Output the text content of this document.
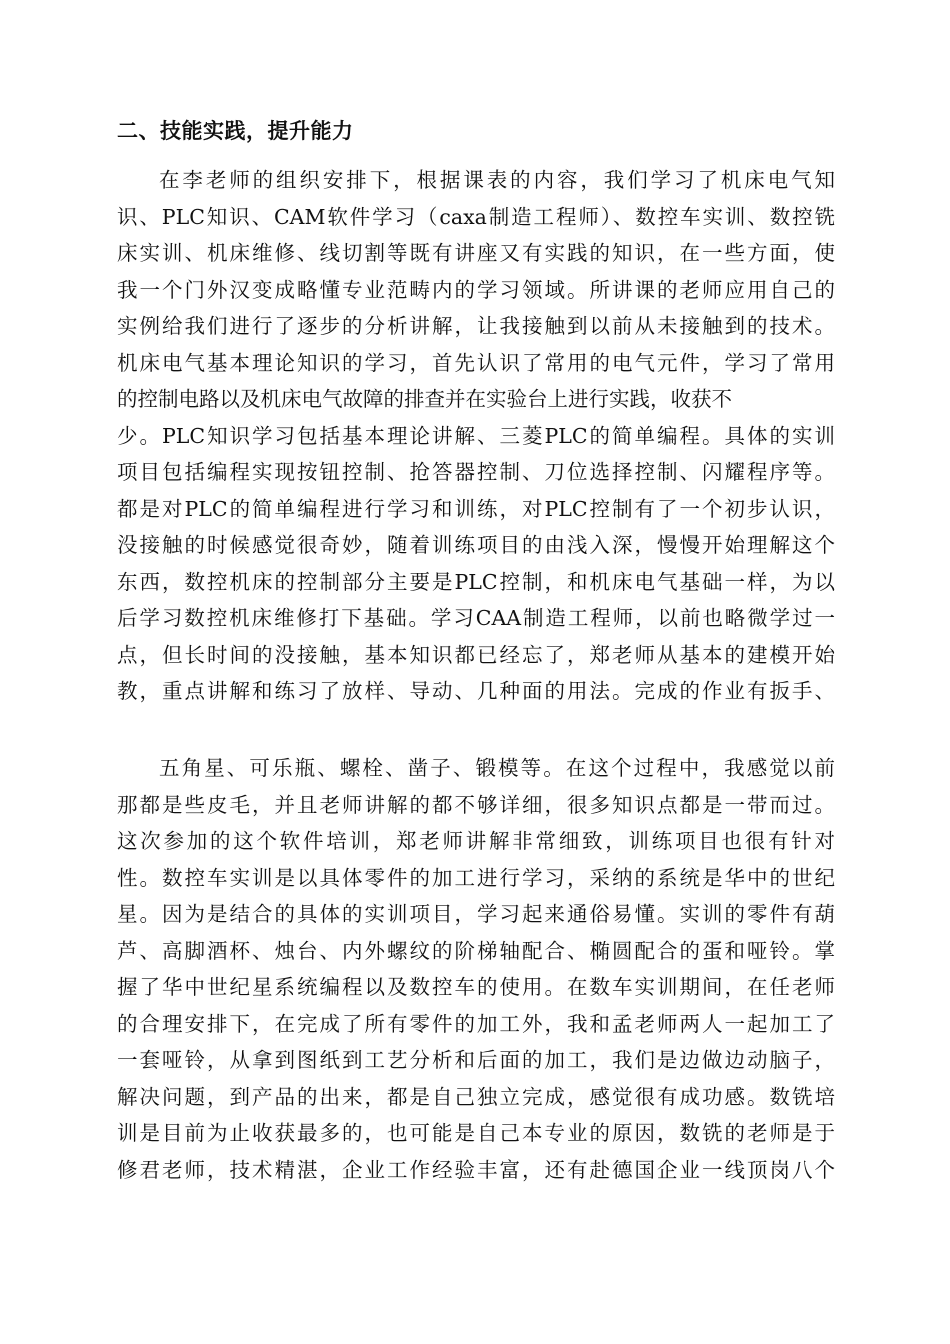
二、技能实践，提升能力
在李老师的组织安排下，根据课表的内容，我们学习了机床电气知
识、PLC知识、CAM软件学习（caxa制造工程师）、数控车实训、数控铣
床实训、机床维修、线切割等既有讲座又有实践的知识，在一些方面，使
我一个门外汉变成略懂专业范畴内的学习领域。所讲课的老师应用自己的
实例给我们进行了逐步的分析讲解，让我接触到以前从未接触到的技术。
机床电气基本理论知识的学习，首先认识了常用的电气元件，学习了常用
的控制电路以及机床电气故障的排查并在实验台上进行实践，收获不
少。PLC知识学习包括基本理论讲解、三菱PLC的简单编程。具体的实训
项目包括编程实现按钮控制、抢答器控制、刀位选择控制、闪耀程序等。
都是对PLC的简单编程进行学习和训练，对PLC控制有了一个初步认识，
没接触的时候感觉很奇妙，随着训练项目的由浅入深，慢慢开始理解这个
东西，数控机床的控制部分主要是PLC控制，和机床电气基础一样，为以
后学习数控机床维修打下基础。学习CAA制造工程师，以前也略微学过一
点，但长时间的没接触，基本知识都已经忘了，郑老师从基本的建模开始
教，重点讲解和练习了放样、导动、几种面的用法。完成的作业有扳手、
五角星、可乐瓶、螺栓、凿子、锻模等。在这个过程中，我感觉以前
那都是些皮毛，并且老师讲解的都不够详细，很多知识点都是一带而过。
这次参加的这个软件培训，郑老师讲解非常细致，训练项目也很有针对
性。数控车实训是以具体零件的加工进行学习，采纳的系统是华中的世纪
星。因为是结合的具体的实训项目，学习起来通俗易懂。实训的零件有葫
芦、高脚酒杯、烛台、内外螺纹的阶梯轴配合、椭圆配合的蛋和哑铃。掌
握了华中世纪星系统编程以及数控车的使用。在数车实训期间，在任老师
的合理安排下，在完成了所有零件的加工外，我和孟老师两人一起加工了
一套哑铃，从拿到图纸到工艺分析和后面的加工，我们是边做边动脑子，
解决问题，到产品的出来，都是自己独立完成，感觉很有成功感。数铣培
训是目前为止收获最多的，也可能是自己本专业的原因，数铣的老师是于
修君老师，技术精湛，企业工作经验丰富，还有赴德国企业一线顶岗八个
